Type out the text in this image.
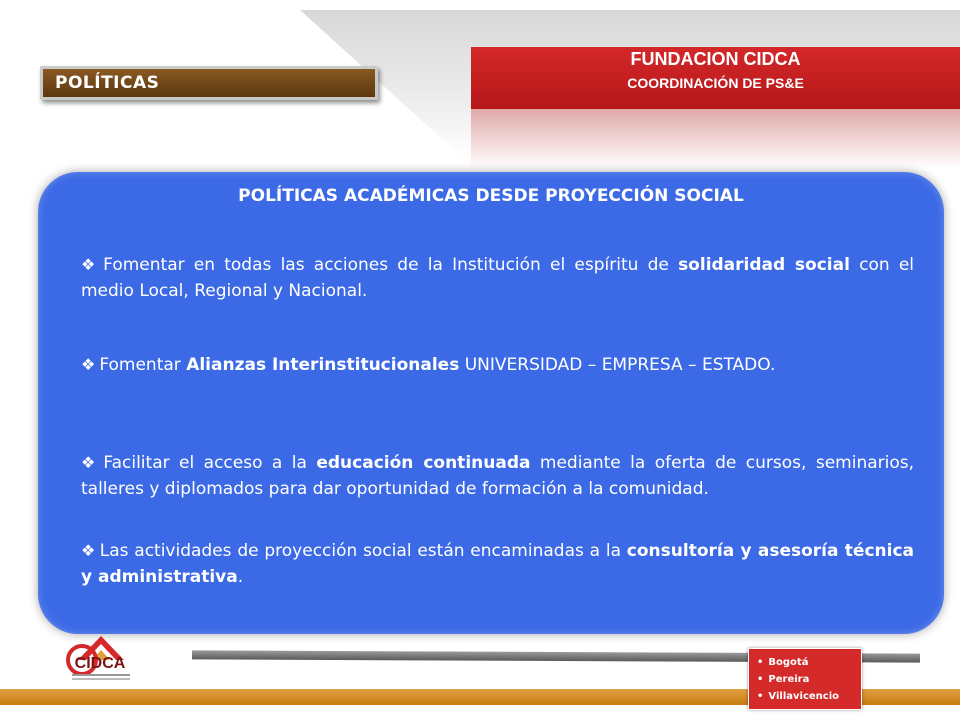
POLÍTICAS
FUNDACION CIDCA
COORDINACIÓN DE PS&E
POLÍTICAS ACADÉMICAS DESDE PROYECCIÓN SOCIAL
❖ Fomentar en todas las acciones de la Institución el espíritu de solidaridad social con el medio Local, Regional y Nacional.
❖ Fomentar Alianzas Interinstitucionales UNIVERSIDAD – EMPRESA – ESTADO.
❖ Facilitar el acceso a la educación continuada mediante la oferta de cursos, seminarios, talleres y diplomados para dar oportunidad de formación a la comunidad.
❖ Las actividades de proyección social están encaminadas a la consultoría y asesoría técnica y administrativa.
CIDCA
•	Bogotá
• Pereira
• Villavicencio
